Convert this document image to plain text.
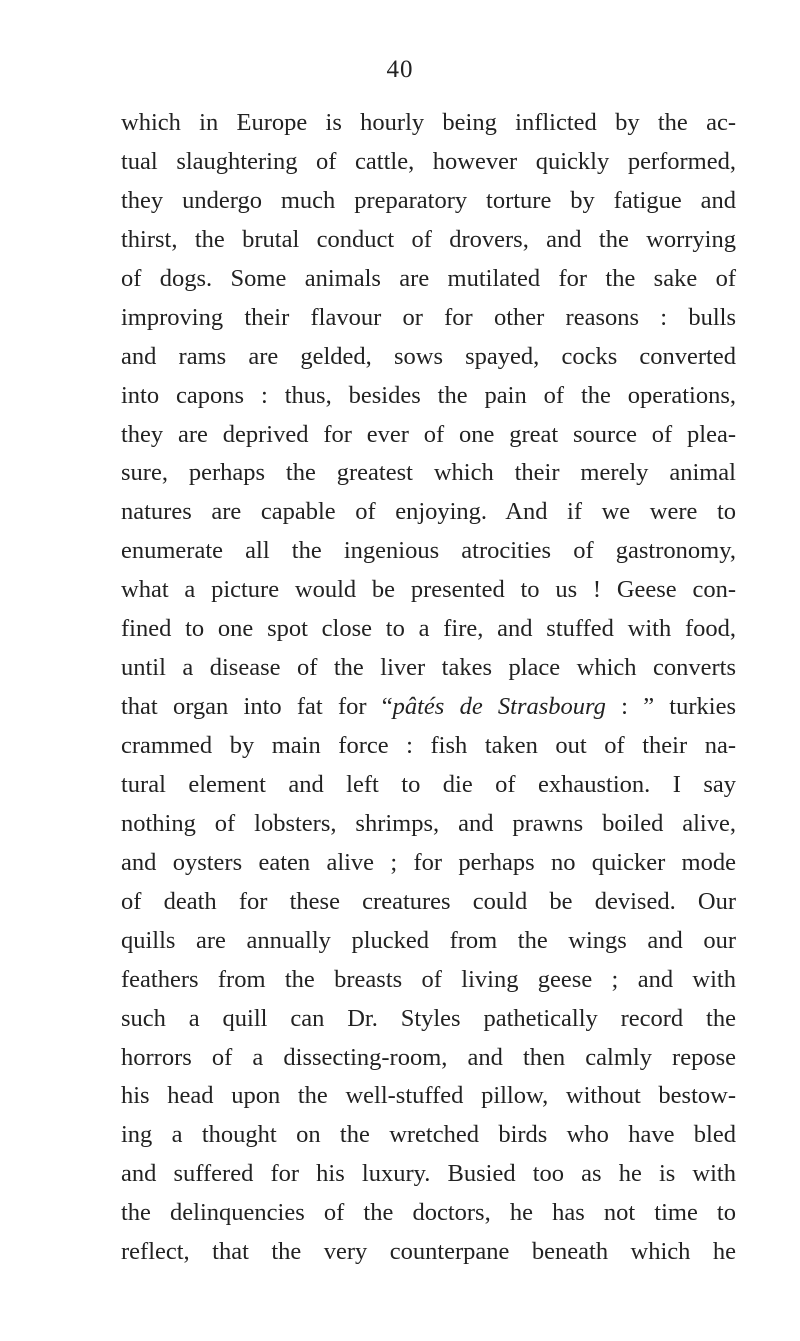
40
which in Europe is hourly being inflicted by the ac-
tual slaughtering of cattle, however quickly performed,
they undergo much preparatory torture by fatigue and
thirst, the brutal conduct of drovers, and the worrying
of dogs. Some animals are mutilated for the sake of
improving their flavour or for other reasons : bulls
and rams are gelded, sows spayed, cocks converted
into capons : thus, besides the pain of the operations,
they are deprived for ever of one great source of plea-
sure, perhaps the greatest which their merely animal
natures are capable of enjoying. And if we were to
enumerate all the ingenious atrocities of gastronomy,
what a picture would be presented to us ! Geese con-
fined to one spot close to a fire, and stuffed with food,
until a disease of the liver takes place which converts
that organ into fat for “pâtés de Strasbourg : ” turkies
crammed by main force : fish taken out of their na-
tural element and left to die of exhaustion. I say
nothing of lobsters, shrimps, and prawns boiled alive,
and oysters eaten alive ; for perhaps no quicker mode
of death for these creatures could be devised. Our
quills are annually plucked from the wings and our
feathers from the breasts of living geese ; and with
such a quill can Dr. Styles pathetically record the
horrors of a dissecting-room, and then calmly repose
his head upon the well-stuffed pillow, without bestow-
ing a thought on the wretched birds who have bled
and suffered for his luxury. Busied too as he is with
the delinquencies of the doctors, he has not time to
reflect, that the very counterpane beneath which he
